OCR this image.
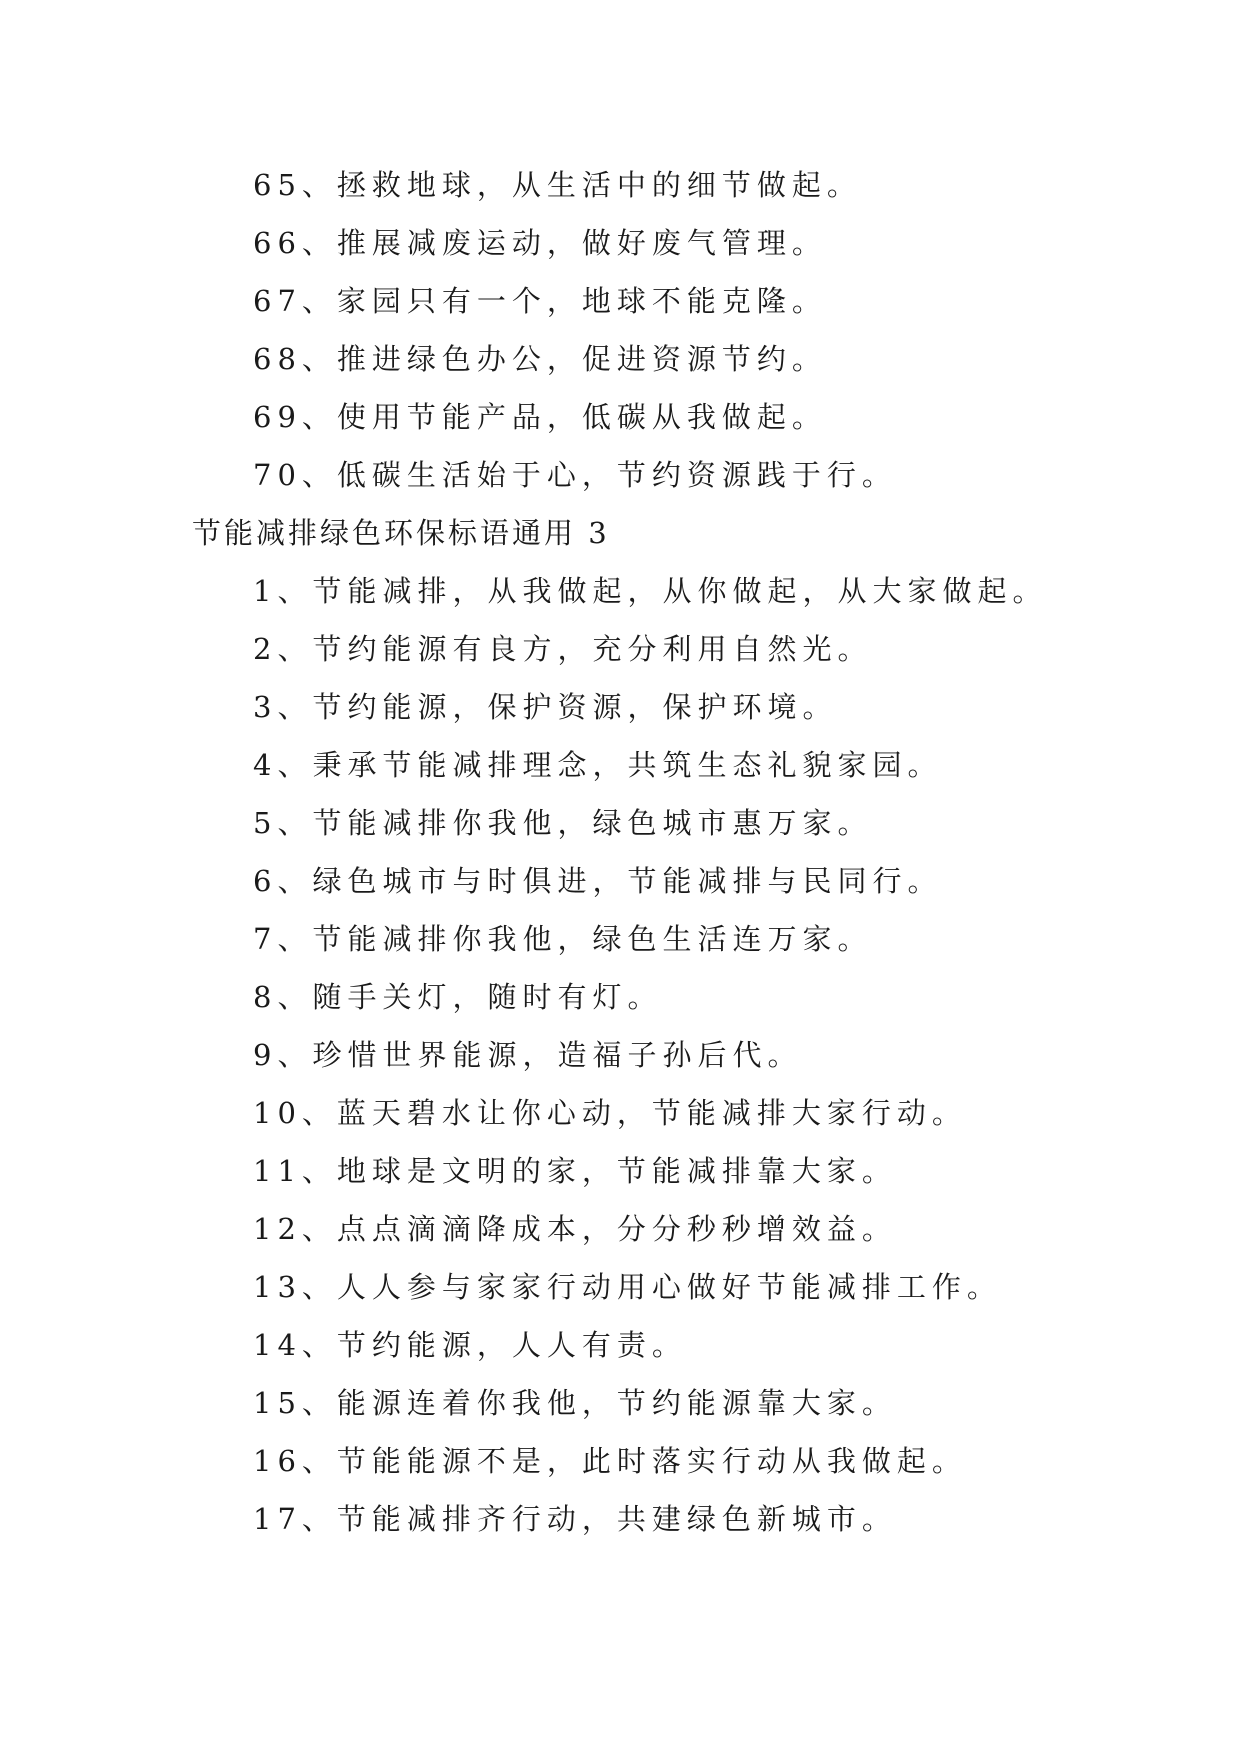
65、拯救地球，从生活中的细节做起。
66、推展减废运动，做好废气管理。
67、家园只有一个，地球不能克隆。
68、推进绿色办公，促进资源节约。
69、使用节能产品，低碳从我做起。
70、低碳生活始于心，节约资源践于行。
节能减排绿色环保标语通用 3
1、节能减排，从我做起，从你做起，从大家做起。
2、节约能源有良方，充分利用自然光。
3、节约能源，保护资源，保护环境。
4、秉承节能减排理念，共筑生态礼貌家园。
5、节能减排你我他，绿色城市惠万家。
6、绿色城市与时俱进，节能减排与民同行。
7、节能减排你我他，绿色生活连万家。
8、随手关灯，随时有灯。
9、珍惜世界能源，造福子孙后代。
10、蓝天碧水让你心动，节能减排大家行动。
11、地球是文明的家，节能减排靠大家。
12、点点滴滴降成本，分分秒秒增效益。
13、人人参与家家行动用心做好节能减排工作。
14、节约能源，人人有责。
15、能源连着你我他，节约能源靠大家。
16、节能能源不是，此时落实行动从我做起。
17、节能减排齐行动，共建绿色新城市。
